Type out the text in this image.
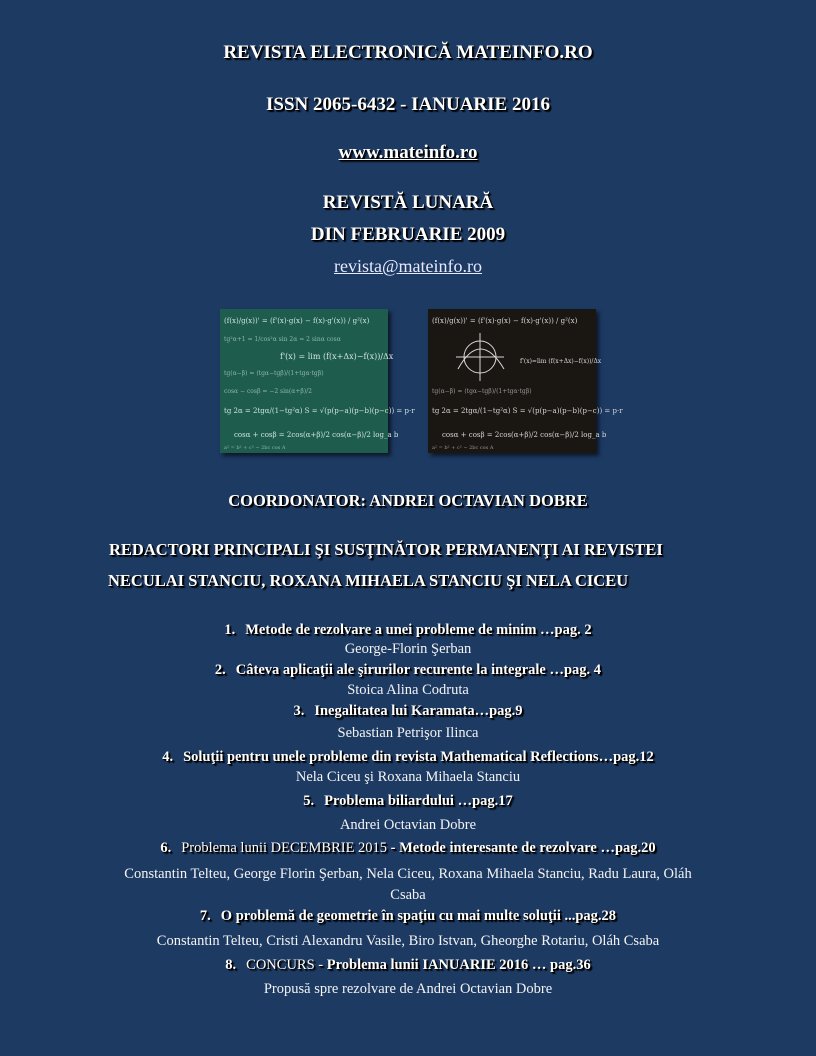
REVISTA ELECTRONICĂ MATEINFO.RO
ISSN 2065-6432 - IANUARIE 2016
www.mateinfo.ro
REVISTĂ LUNARĂ
DIN FEBRUARIE 2009
revista@mateinfo.ro
(f(x)/g(x))' = (f'(x)·g(x) − f(x)·g'(x)) / g²(x)
tg²α+1 = 1/cos²α sin 2α = 2 sinα cosα
f'(x) = lim (f(x+Δx)−f(x))/Δx
tg(α−β) = (tgα−tgβ)/(1+tgα·tgβ)
cosα − cosβ = −2 sin(α+β)/2
tg 2α = 2tgα/(1−tg²α) S = √(p(p−a)(p−b)(p−c)) = p·r
cosα + cosβ = 2cos(α+β)/2 cos(α−β)/2 log_a b
a² = b² + c² − 2bc cos A
(f(x)/g(x))' = (f'(x)·g(x) − f(x)·g'(x)) / g²(x)
f'(x)=lim (f(x+Δx)−f(x))/Δx
tg(α−β) = (tgα−tgβ)/(1+tgα·tgβ)
tg 2α = 2tgα/(1−tg²α) S = √(p(p−a)(p−b)(p−c)) = p·r
cosα + cosβ = 2cos(α+β)/2 cos(α−β)/2 log_a b
a² = b² + c² − 2bc cos A
COORDONATOR: ANDREI OCTAVIAN DOBRE
REDACTORI PRINCIPALI ŞI SUSŢINĂTOR PERMANENŢI AI REVISTEI
NECULAI STANCIU, ROXANA MIHAELA STANCIU ŞI NELA CICEU
1. Metode de rezolvare a unei probleme de minim …pag. 2
George-Florin Şerban
2. Câteva aplicaţii ale şirurilor recurente la integrale …pag. 4
Stoica Alina Codruta
3. Inegalitatea lui Karamata…pag.9
Sebastian Petrişor Ilinca
4. Soluţii pentru unele probleme din revista Mathematical Reflections…pag.12
Nela Ciceu şi Roxana Mihaela Stanciu
5. Problema biliardului …pag.17
Andrei Octavian Dobre
6. Problema lunii DECEMBRIE 2015 - Metode interesante de rezolvare …pag.20
Constantin Telteu, George Florin Şerban, Nela Ciceu, Roxana Mihaela Stanciu, Radu Laura, Oláh Csaba
7. O problemă de geometrie în spaţiu cu mai multe soluţii ...pag.28
Constantin Telteu, Cristi Alexandru Vasile, Biro Istvan, Gheorghe Rotariu, Oláh Csaba
8. CONCURS - Problema lunii IANUARIE 2016 … pag.36
Propusă spre rezolvare de Andrei Octavian Dobre
